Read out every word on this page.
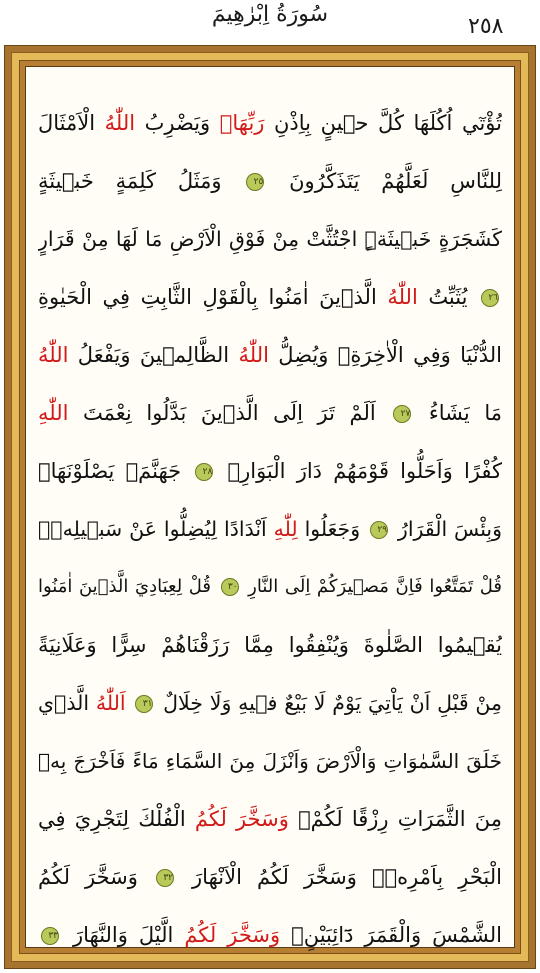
سُورَةُ اِبْرٰهِيمَ	٢٥٨
تُؤْتٓي اُكُلَهَا كُلَّ حٖينٍ بِاِذْنِ رَبِّهَاۜ وَيَضْرِبُ اللّٰهُ الْاَمْثَالَ
لِلنَّاسِ لَعَلَّهُمْ يَتَذَكَّرُونَ ٢٥ وَمَثَلُ كَلِمَةٍ خَبٖيثَةٍ
كَشَجَرَةٍ خَبٖيثَةٍۨ اجْتُثَّتْ مِنْ فَوْقِ الْاَرْضِ مَا لَهَا مِنْ قَرَارٍ
٢٦ يُثَبِّتُ اللّٰهُ الَّذٖينَ اٰمَنُوا بِالْقَوْلِ الثَّابِتِ فِي الْحَيٰوةِ
الدُّنْيَا وَفِي الْاٰخِرَةِۚ وَيُضِلُّ اللّٰهُ الظَّالِمٖينَ وَيَفْعَلُ اللّٰهُ
مَا يَشَاءُ ٢٧ اَلَمْ تَرَ اِلَى الَّذٖينَ بَدَّلُوا نِعْمَتَ اللّٰهِ
كُفْرًا وَاَحَلُّوا قَوْمَهُمْ دَارَ الْبَوَارِۙ ٢٨ جَهَنَّمَۚ يَصْلَوْنَهَاۜ
وَبِئْسَ الْقَرَارُ ٢٩ وَجَعَلُوا لِلّٰهِ اَنْدَادًا لِيُضِلُّوا عَنْ سَبٖيلِهٖۜ
قُلْ تَمَتَّعُوا فَاِنَّ مَصٖيرَكُمْ اِلَى النَّارِ ٣٠ قُلْ لِعِبَادِيَ الَّذٖينَ اٰمَنُوا
يُقٖيمُوا الصَّلٰوةَ وَيُنْفِقُوا مِمَّا رَزَقْنَاهُمْ سِرًّا وَعَلَانِيَةً
مِنْ قَبْلِ اَنْ يَاْتِيَ يَوْمٌ لَا بَيْعٌ فٖيهِ وَلَا خِلَالٌ ٣١ اَللّٰهُ الَّذٖي
خَلَقَ السَّمٰوَاتِ وَالْاَرْضَ وَاَنْزَلَ مِنَ السَّمَاءِ مَاءً فَاَخْرَجَ بِهٖ
مِنَ الثَّمَرَاتِ رِزْقًا لَكُمْۚ وَسَخَّرَ لَكُمُ الْفُلْكَ لِتَجْرِيَ فِي
الْبَحْرِ بِاَمْرِهٖۚ وَسَخَّرَ لَكُمُ الْاَنْهَارَ ٣٢ وَسَخَّرَ لَكُمُ
الشَّمْسَ وَالْقَمَرَ دَٓائِبَيْنِۚ وَسَخَّرَ لَكُمُ الَّيْلَ وَالنَّهَارَ ٣٣
